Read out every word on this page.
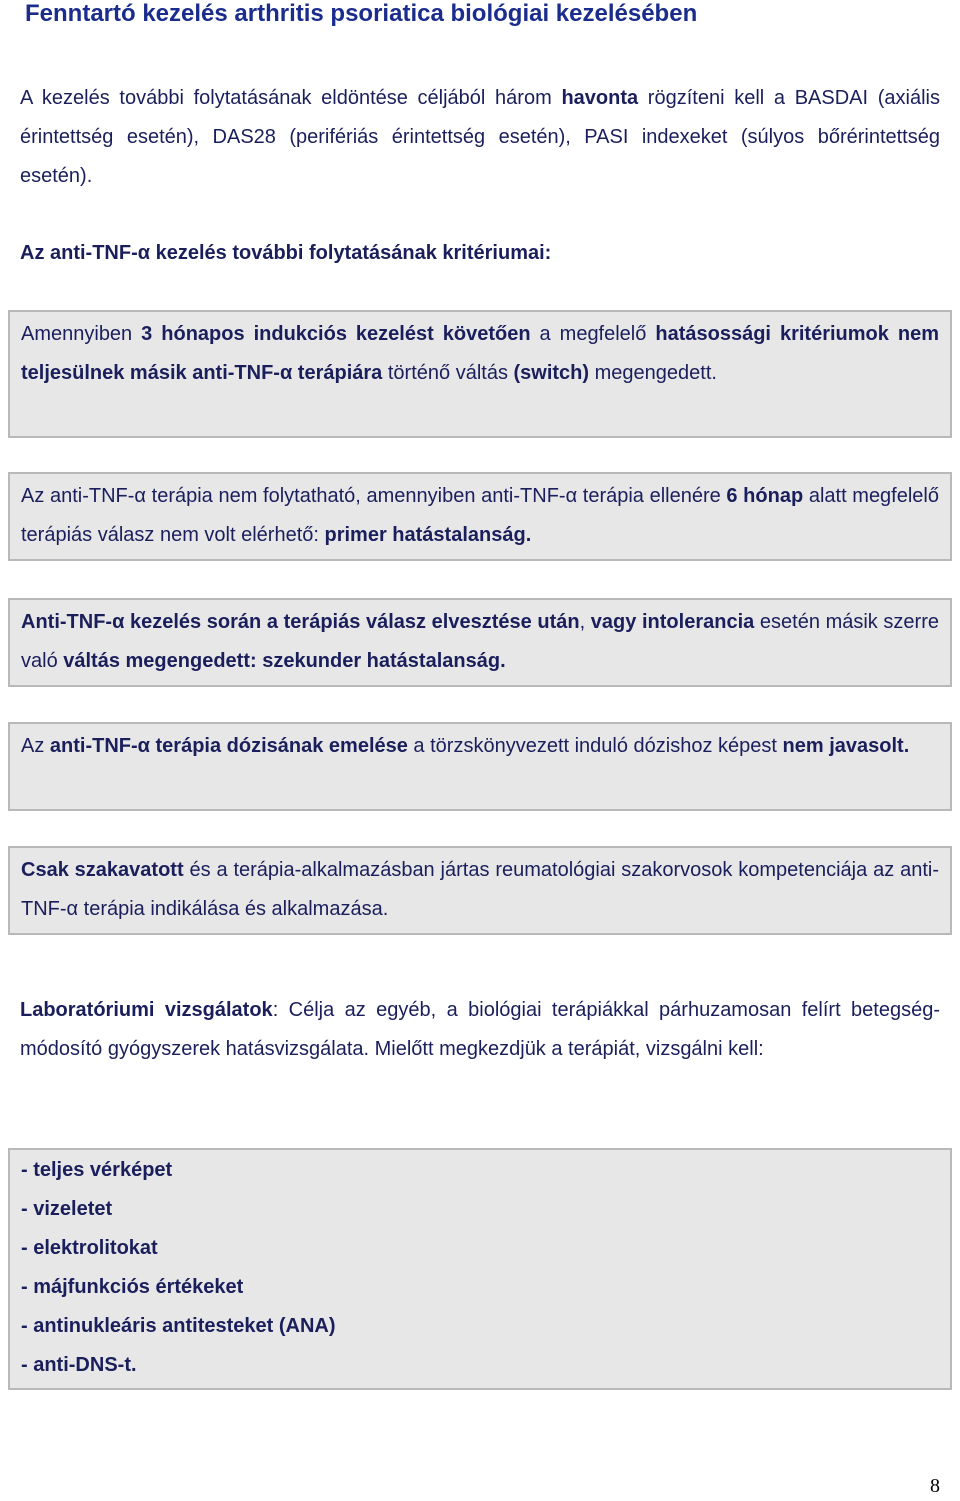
Fenntartó kezelés arthritis psoriatica biológiai kezelésében

A kezelés további folytatásának eldöntése céljából három havonta rögzíteni kell a BASDAI (axiális érintettség esetén), DAS28 (perifériás érintettség esetén), PASI indexeket (súlyos bőrérintettség esetén).

Az anti-TNF-α kezelés további folytatásának kritériumai:

Amennyiben 3 hónapos indukciós kezelést követően a megfelelő hatásossági kritériumok nem teljesülnek másik anti-TNF-α terápiára történő váltás (switch) megengedett.

Az anti-TNF-α terápia nem folytatható, amennyiben anti-TNF-α terápia ellenére 6 hónap alatt megfelelő terápiás válasz nem volt elérhető: primer hatástalanság.

Anti-TNF-α kezelés során a terápiás válasz elvesztése után, vagy intolerancia esetén másik szerre való váltás megengedett: szekunder hatástalanság.

Az anti-TNF-α terápia dózisának emelése a törzskönyvezett induló dózishoz képest nem javasolt.

Csak szakavatott és a terápia-alkalmazásban jártas reumatológiai szakorvosok kompetenciája az anti-TNF-α terápia indikálása és alkalmazása.

Laboratóriumi vizsgálatok: Célja az egyéb, a biológiai terápiákkal párhuzamosan felírt betegség-módosító gyógyszerek hatásvizsgálata. Mielőtt megkezdjük a terápiát, vizsgálni kell:

- teljes vérképet
- vizeletet
- elektrolitokat
- májfunkciós értékeket
- antinukleáris antitesteket (ANA)
- anti-DNS-t.
8
